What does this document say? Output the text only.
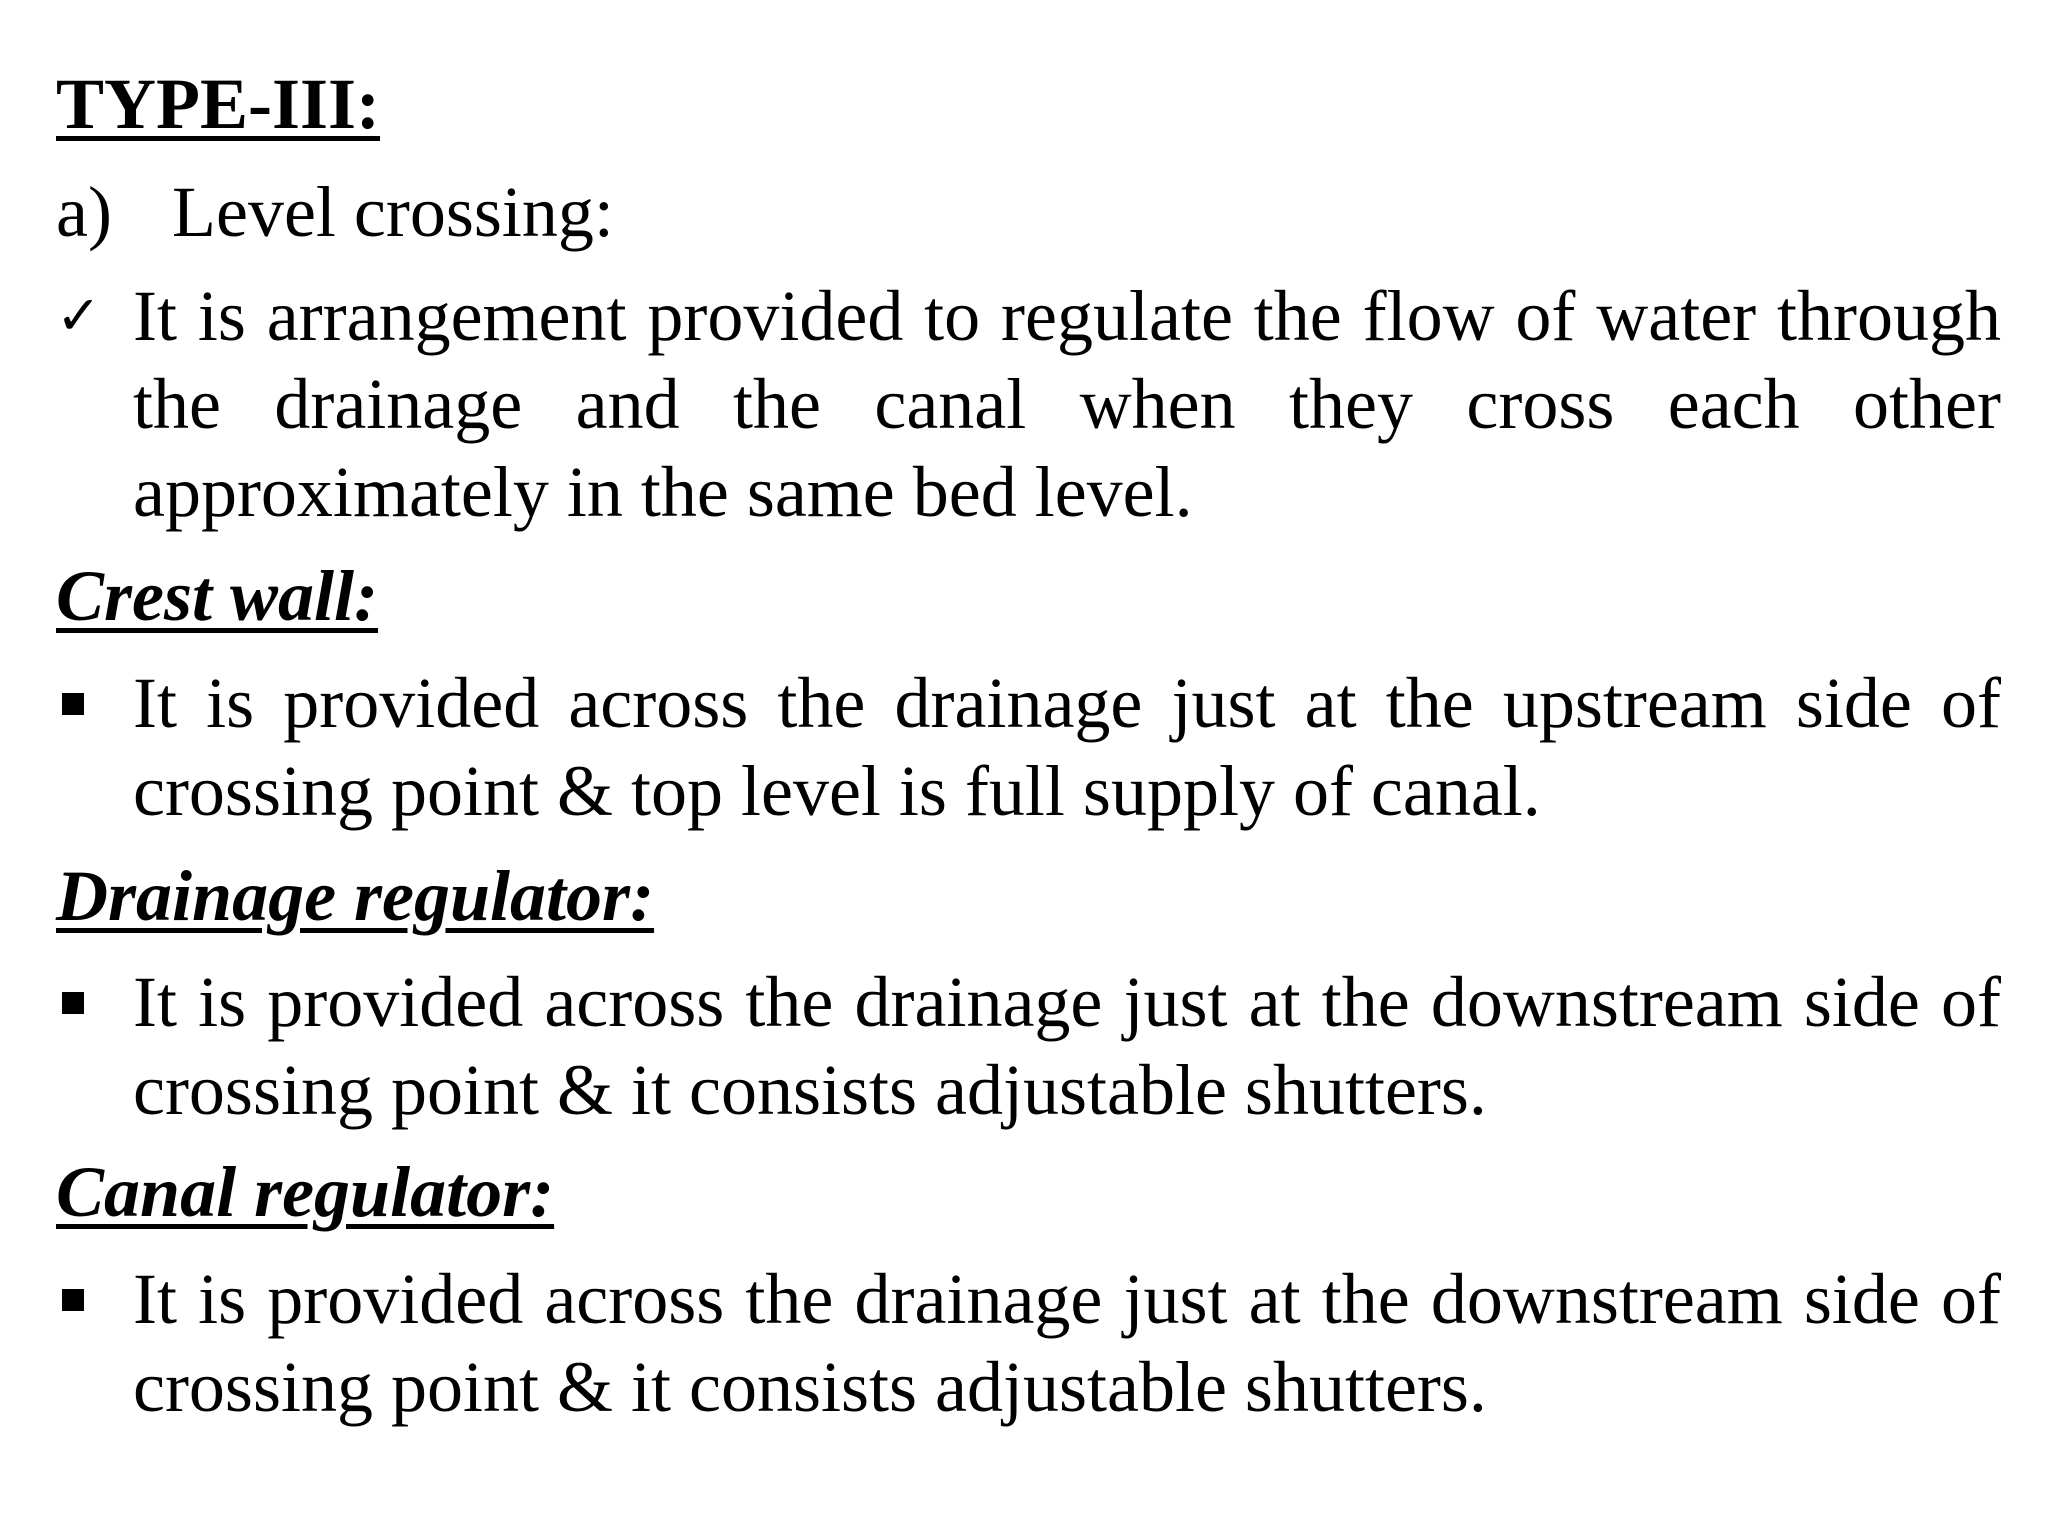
TYPE-III:
a) Level crossing:
✓ It is arrangement provided to regulate the flow of water through the drainage and the canal when they cross each other approximately in the same bed level.
Crest wall:
It is provided across the drainage just at the upstream side of crossing point & top level is full supply of canal.
Drainage regulator:
It is provided across the drainage just at the downstream side of crossing point & it consists adjustable shutters.
Canal regulator:
It is provided across the drainage just at the downstream side of crossing point & it consists adjustable shutters.
